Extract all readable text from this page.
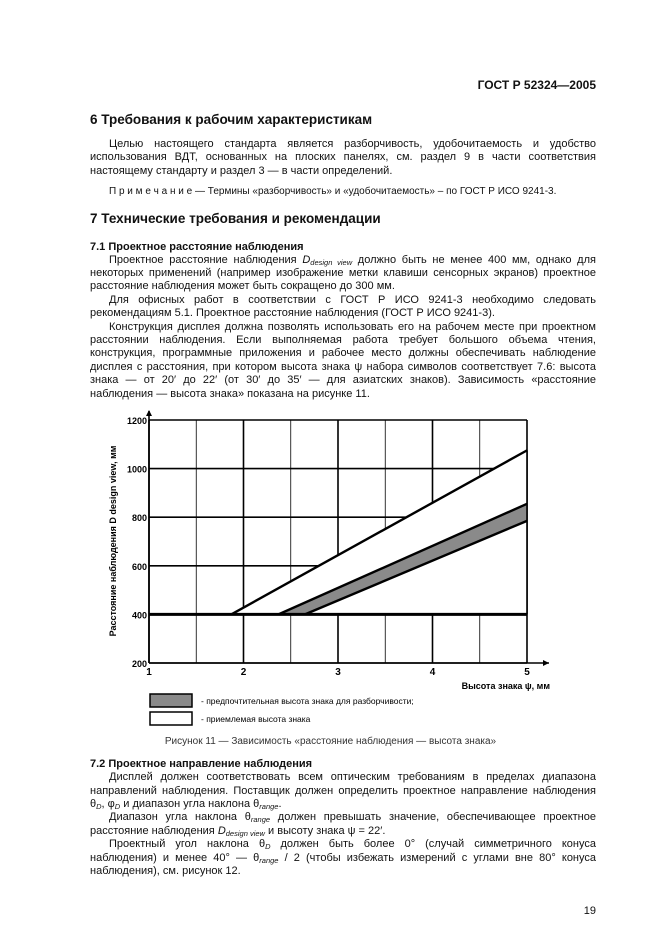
ГОСТ Р 52324—2005
6 Требования к рабочим характеристикам

Целью настоящего стандарта является разборчивость, удобочитаемость и удобство использования ВДТ, основанных на плоских панелях, см. раздел 9 в части соответствия настоящему стандарту и раздел 3 — в части определений.

П р и м е ч а н и е — Термины «разборчивость» и «удобочитаемость» – по ГОСТ Р ИСО 9241-3.

7 Технические требования и рекомендации
7.1 Проектное расстояние наблюдения

Проектное расстояние наблюдения $D_{design view}$ должно быть не менее 400 мм, однако для некоторых применений (например изображение метки клавиши сенсорных экранов) проектное расстояние наблюдения может быть сокращено до 300 мм.

Для офисных работ в соответствии с ГОСТ Р ИСО 9241-3 необходимо следовать рекомендациям 5.1. Проектное расстояние наблюдения (ГОСТ Р ИСО 9241-3).

Конструкция дисплея должна позволять использовать его на рабочем месте при проектном расстоянии наблюдения. Если выполняемая работа требует большого объема чтения, конструкция, программные приложения и рабочее место должны обеспечивать наблюдение дисплея с расстояния, при котором высота знака ψ набора символов соответствует 7.6: высота знака — от 20′ до 22′ (от 30′ до 35′ — для азиатских знаков). Зависимость «расстояние наблюдения — высота знака» показана на рисунке 11.

1	2	3	4	5
200
400
600
800
1000
1200
Расстояние наблюдения D design view, мм
Высота знака ψ, мм
- предпочтительная высота знака для разборчивости;
- приемлемая высота знака
Рисунок 11 — Зависимость «расстояние наблюдения — высота знака»
7.2 Проектное направление наблюдения

Дисплей должен соответствовать всем оптическим требованиям в пределах диапазона направлений наблюдения. Поставщик должен определить проектное направление наблюдения $\theta_D$, $\varphi_D$ и диапазон угла наклона $\theta_{range}$.

Диапазон угла наклона $\theta_{range}$ должен превышать значение, обеспечивающее проектное расстояние наблюдения $D_{design view}$ и высоту знака ψ = 22′.

Проектный угол наклона $\theta_D$ должен быть более 0° (случай симметричного конуса наблюдения) и менее 40° — $\theta_{range} / 2$ (чтобы избежать измерений с углами вне 80° конуса наблюдения), см. рисунок 12.

19
